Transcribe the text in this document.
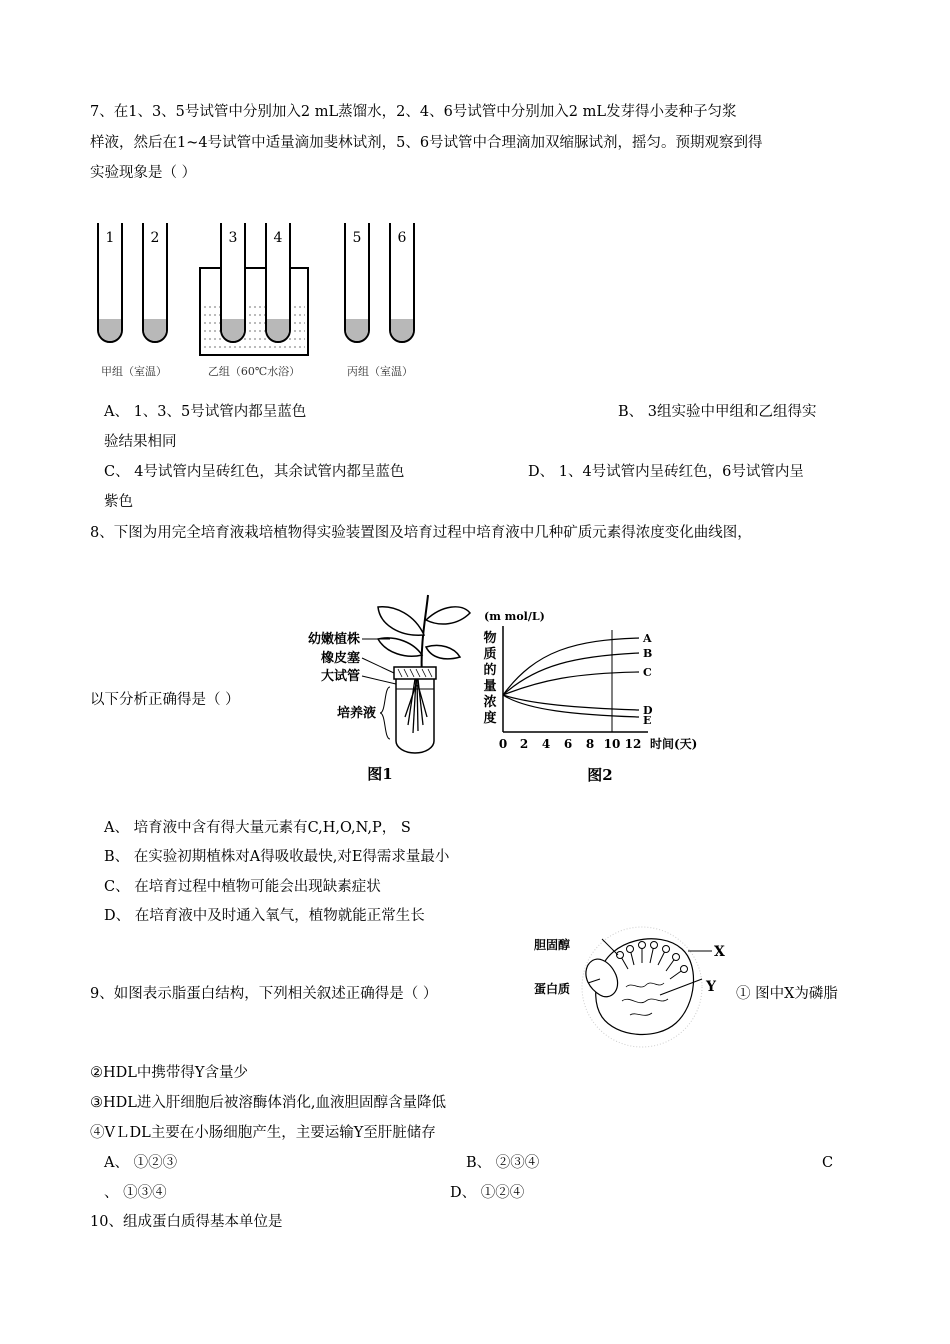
7、在1、3、5号试管中分别加入2 mL蒸馏水，2、4、6号试管中分别加入2 mL发芽得小麦种子匀浆
样液，然后在1~4号试管中适量滴加斐林试剂，5、6号试管中合理滴加双缩脲试剂，摇匀。预期观察到得
实验现象是（ ）
1	2	3	4	5	6
甲组（室温）	乙组（60℃水浴）	丙组（室温）
A、 1、3、5号试管内都呈蓝色	B、 3组实验中甲组和乙组得实
验结果相同
C、 4号试管内呈砖红色，其余试管内都呈蓝色	D、 1、4号试管内呈砖红色，6号试管内呈
紫色
8、下图为用完全培育液栽培植物得实验装置图及培育过程中培育液中几种矿质元素得浓度变化曲线图，
以下分析正确得是（ ）
幼嫩植株
橡皮塞
大试管
培养液
图1
(m mol/L)
物
质
的
量
浓
度
A
B
C
D
E
0 2 4 6 8 10 12 时间(天)
图2
A、 培育液中含有得大量元素有C,H,O,N,P， S
B、 在实验初期植株对A得吸收最快,对E得需求量最小
C、 在培育过程中植物可能会出现缺素症状
D、 在培育液中及时通入氧气，植物就能正常生长
9、如图表示脂蛋白结构，下列相关叙述正确得是（ ）
胆固醇
蛋白质
X
Y ① 图中X为磷脂
②HDL中携带得Y含量少
③HDL进入肝细胞后被溶酶体消化,血液胆固醇含量降低
④VＬDL主要在小肠细胞产生，主要运输Y至肝脏储存
A、 ①②③	B、 ②③④	C
、 ①③④	D、 ①②④
10、组成蛋白质得基本单位是
